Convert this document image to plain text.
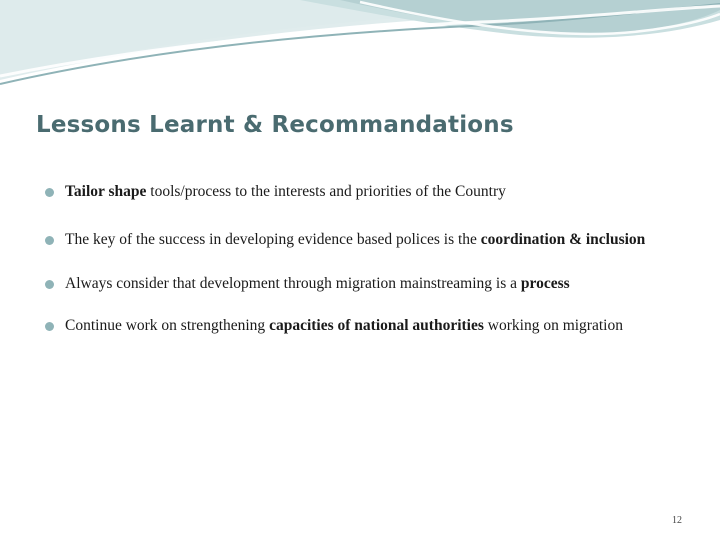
Lessons Learnt & Recommandations
Tailor shape tools/process to the interests and priorities of the Country
The key of the success in developing evidence based polices is the coordination & inclusion
Always consider that development through migration mainstreaming is a process
Continue work on strengthening capacities of national authorities working on migration
12
